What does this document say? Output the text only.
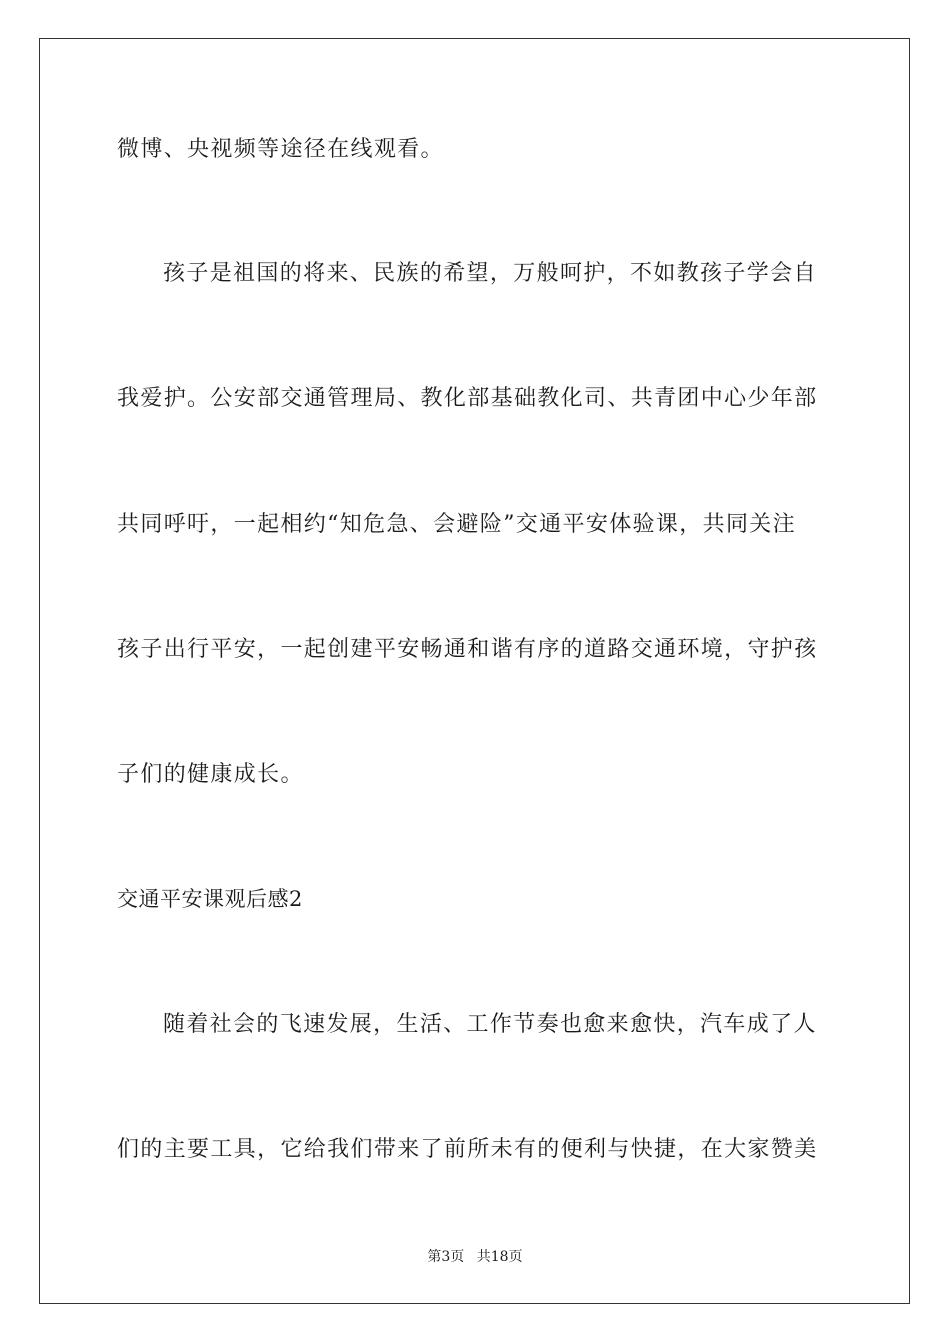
微博、央视频等途径在线观看。
孩子是祖国的将来、民族的希望，万般呵护，不如教孩子学会自
我爱护。公安部交通管理局、教化部基础教化司、共青团中心少年部
共同呼吁，一起相约“知危急、会避险”交通平安体验课，共同关注
孩子出行平安，一起创建平安畅通和谐有序的道路交通环境，守护孩
子们的健康成长。
交通平安课观后感2
随着社会的飞速发展，生活、工作节奏也愈来愈快，汽车成了人
们的主要工具，它给我们带来了前所未有的便利与快捷，在大家赞美
第3页 共18页
